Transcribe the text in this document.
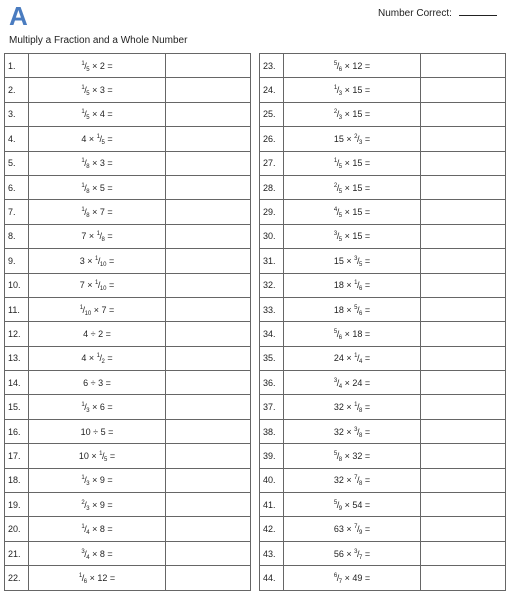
A	Number Correct:
Multiply a Fraction and a Whole Number
1.	$^1/_5 \times 2$ =	
2.	$^1/_5 \times 3$ =	
3.	$^1/_5 \times 4$ =	
4.	$4 \times ^1/_5$ =	
5.	$^1/_8 \times 3$ =	
6.	$^1/_8 \times 5$ =	
7.	$^1/_8 \times 7$ =	
8.	$7 \times ^1/_8$ =	
9.	$3 \times ^1/_{10}$ =	
10.	$7 \times ^1/_{10}$ =	
11.	$^1/_{10} \times 7$ =	
12.	4 ÷ 2 =	
13.	$4 \times ^1/_2$ =	
14.	6 ÷ 3 =	
15.	$^1/_3 \times 6$ =	
16.	10 ÷ 5 =	
17.	$10 \times ^1/_5$ =	
18.	$^1/_3 \times 9$ =	
19.	$^2/_3 \times 9$ =	
20.	$^1/_4 \times 8$ =	
21.	$^3/_4 \times 8$ =	
22.	$^1/_6 \times 12$ =	
23.	$^5/_6 \times 12$ =	
24.	$^1/_3 \times 15$ =	
25.	$^2/_3 \times 15$ =	
26.	$15 \times ^2/_3$ =	
27.	$^1/_5 \times 15$ =	
28.	$^2/_5 \times 15$ =	
29.	$^4/_5 \times 15$ =	
30.	$^3/_5 \times 15$ =	
31.	$15 \times ^3/_5$ =	
32.	$18 \times ^1/_6$ =	
33.	$18 \times ^5/_6$ =	
34.	$^5/_6 \times 18$ =	
35.	$24 \times ^1/_4$ =	
36.	$^3/_4 \times 24$ =	
37.	$32 \times ^1/_8$ =	
38.	$32 \times ^3/_8$ =	
39.	$^5/_8 \times 32$ =	
40.	$32 \times ^7/_8$ =	
41.	$^5/_9 \times 54$ =	
42.	$63 \times ^7/_9$ =	
43.	$56 \times ^3/_7$ =	
44.	$^6/_7 \times 49$ =	
